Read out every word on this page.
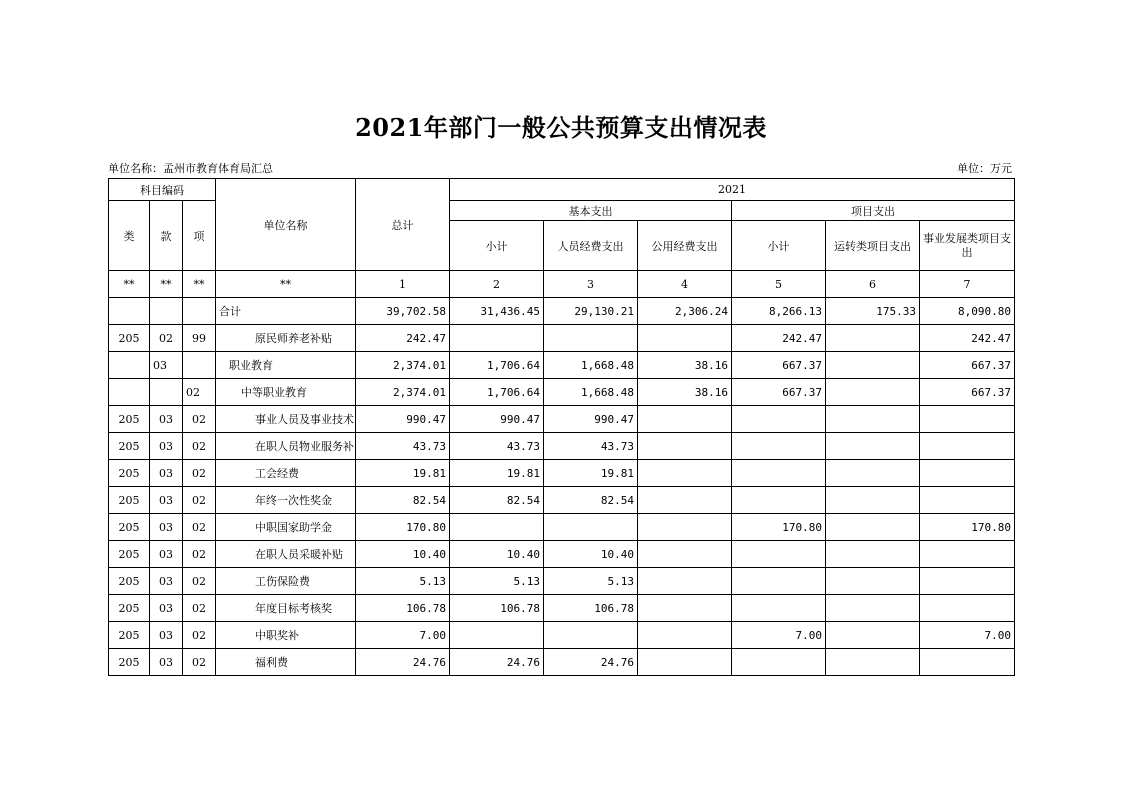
2021年部门一般公共预算支出情况表
单位名称：孟州市教育体育局汇总	单位：万元
科目编码			单位名称	总计	2021					
类	款	项			基本支出			项目支出		
					小计	人员经费支出	公用经费支出	小计	运转类项目支出	事业发展类项目支出
**	**	**	**	1	2	3	4	5	6	7
			合计	39,702.58	31,436.45	29,130.21	2,306.24	8,266.13	175.33	8,090.80
205	02	99	原民师养老补贴	242.47				242.47		242.47
	03		职业教育	2,374.01	1,706.64	1,668.48	38.16	667.37		667.37
		02	中等职业教育	2,374.01	1,706.64	1,668.48	38.16	667.37		667.37
205	03	02	事业人员及事业技术	990.47	990.47	990.47				
205	03	02	在职人员物业服务补	43.73	43.73	43.73				
205	03	02	工会经费	19.81	19.81	19.81				
205	03	02	年终一次性奖金	82.54	82.54	82.54				
205	03	02	中职国家助学金	170.80				170.80		170.80
205	03	02	在职人员采暖补贴	10.40	10.40	10.40				
205	03	02	工伤保险费	5.13	5.13	5.13				
205	03	02	年度目标考核奖	106.78	106.78	106.78				
205	03	02	中职奖补	7.00				7.00		7.00
205	03	02	福利费	24.76	24.76	24.76				
